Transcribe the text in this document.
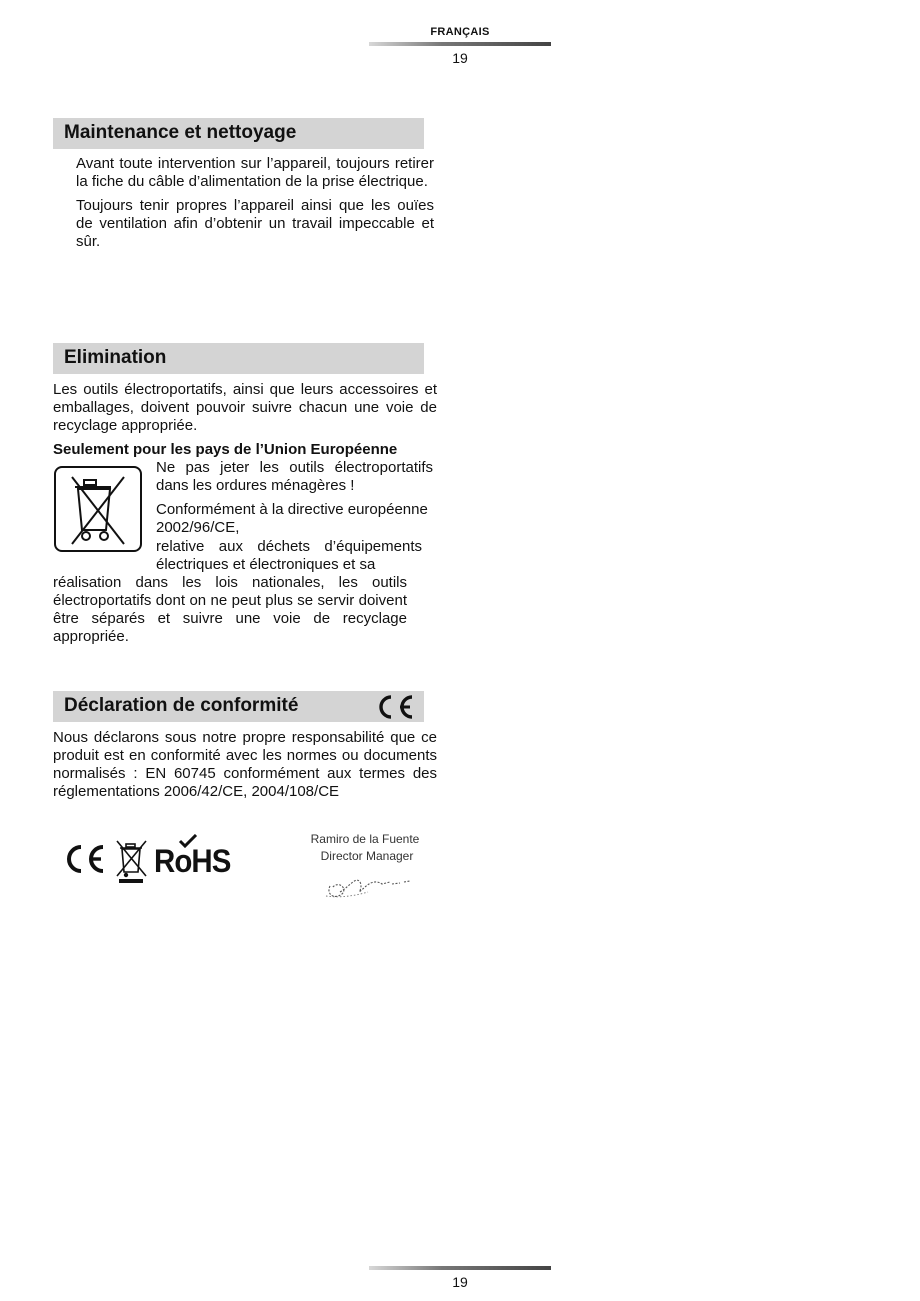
FRANÇAIS
19
Maintenance et nettoyage

Avant toute intervention sur l’appareil, toujours retirer la fiche du câble d’alimentation de la prise électrique.

Toujours tenir propres l’appareil ainsi que les ouïes de ventilation afin d’obtenir un travail impeccable et sûr.

Elimination
Les outils électroportatifs, ainsi que leurs accessoires et emballages, doivent pouvoir suivre chacun une voie de recyclage appropriée.
Seulement pour les pays de l’Union Européenne
Ne pas jeter les outils électroportatifs dans les ordures ménagères !
Conformément à la directive européenne 2002/96/CE,
relative aux déchets d’équipements électriques et électroniques et sa
réalisation dans les lois nationales, les outils électroportatifs dont on ne peut plus se servir doivent être séparés et suivre une voie de recyclage appropriée.
Déclaration de conformité
Nous déclarons sous notre propre responsabilité que ce produit est en conformité avec les normes ou documents normalisés : EN 60745 conformément aux termes des réglementations 2006/42/CE, 2004/108/CE
RoHS
Ramiro de la Fuente
Director Manager
19
